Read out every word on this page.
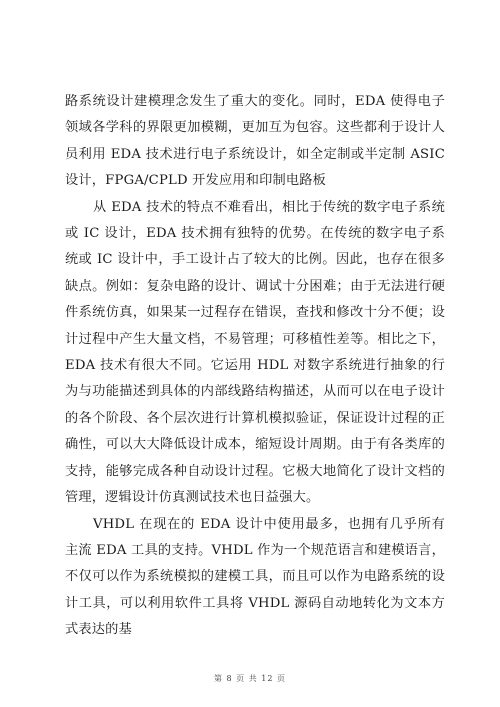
路系统设计建模理念发生了重大的变化。同时，EDA 使得电子领域各学科的界限更加模糊，更加互为包容。这些都利于设计人员利用 EDA 技术进行电子系统设计，如全定制或半定制 ASIC 设计，FPGA/CPLD 开发应用和印制电路板

从 EDA 技术的特点不难看出，相比于传统的数字电子系统或 IC 设计，EDA 技术拥有独特的优势。在传统的数字电子系统或 IC 设计中，手工设计占了较大的比例。因此，也存在很多缺点。例如：复杂电路的设计、调试十分困难；由于无法进行硬件系统仿真，如果某一过程存在错误，查找和修改十分不便；设计过程中产生大量文档，不易管理；可移植性差等。相比之下，EDA 技术有很大不同。它运用 HDL 对数字系统进行抽象的行为与功能描述到具体的内部线路结构描述，从而可以在电子设计的各个阶段、各个层次进行计算机模拟验证，保证设计过程的正确性，可以大大降低设计成本，缩短设计周期。由于有各类库的支持，能够完成各种自动设计过程。它极大地简化了设计文档的管理，逻辑设计仿真测试技术也日益强大。

VHDL 在现在的 EDA 设计中使用最多，也拥有几乎所有主流 EDA 工具的支持。VHDL 作为一个规范语言和建模语言，不仅可以作为系统模拟的建模工具，而且可以作为电路系统的设计工具，可以利用软件工具将 VHDL 源码自动地转化为文本方式表达的基

第 8 页 共 12 页
